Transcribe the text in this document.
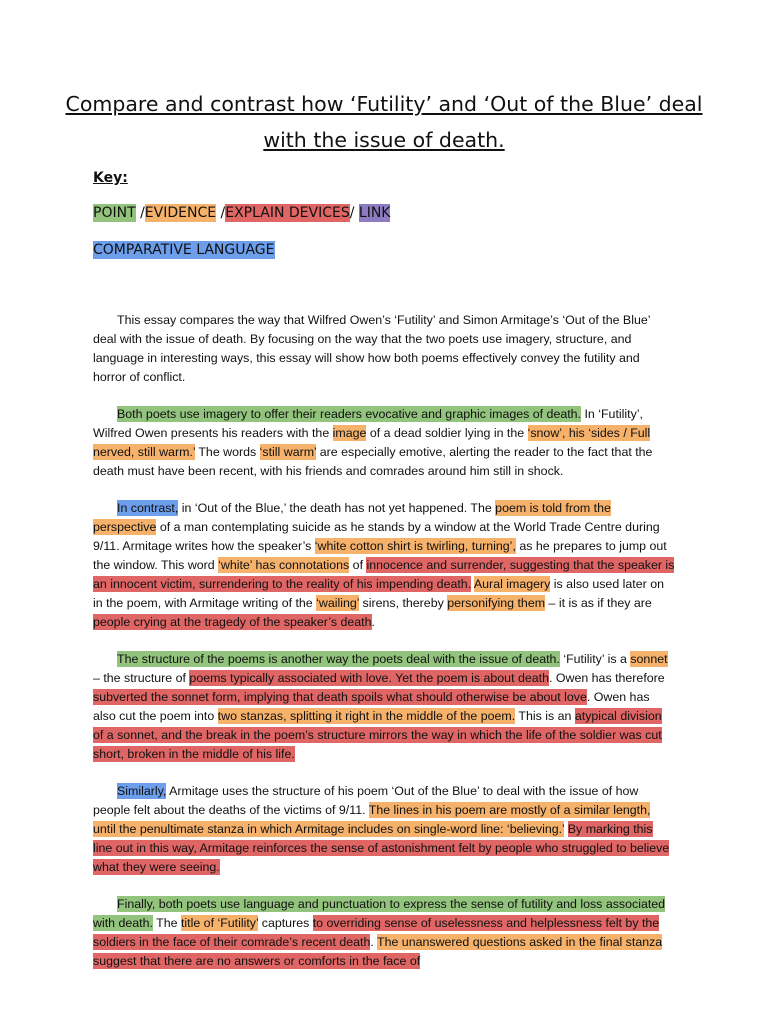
Compare and contrast how ‘Futility’ and ‘Out of the Blue’ deal with the issue of death.
Key:
POINT /EVIDENCE /EXPLAIN DEVICES/ LINK
COMPARATIVE LANGUAGE

This essay compares the way that Wilfred Owen’s ‘Futility’ and Simon Armitage’s ‘Out of the Blue’ deal with the issue of death. By focusing on the way that the two poets use imagery, structure, and language in interesting ways, this essay will show how both poems effectively convey the futility and horror of conflict.

Both poets use imagery to offer their readers evocative and graphic images of death. In ‘Futility’, Wilfred Owen presents his readers with the image of a dead soldier lying in the ‘snow’, his ‘sides / Full nerved, still warm.’ The words ‘still warm’ are especially emotive, alerting the reader to the fact that the death must have been recent, with his friends and comrades around him still in shock.

In contrast, in ‘Out of the Blue,’ the death has not yet happened. The poem is told from the perspective of a man contemplating suicide as he stands by a window at the World Trade Centre during 9/11. Armitage writes how the speaker’s ‘white cotton shirt is twirling, turning’, as he prepares to jump out the window. This word ‘white’ has connotations of innocence and surrender, suggesting that the speaker is an innocent victim, surrendering to the reality of his impending death. Aural imagery is also used later on in the poem, with Armitage writing of the ‘wailing’ sirens, thereby personifying them – it is as if they are people crying at the tragedy of the speaker’s death.

The structure of the poems is another way the poets deal with the issue of death. ‘Futility’ is a sonnet – the structure of poems typically associated with love. Yet the poem is about death. Owen has therefore subverted the sonnet form, implying that death spoils what should otherwise be about love. Owen has also cut the poem into two stanzas, splitting it right in the middle of the poem. This is an atypical division of a sonnet, and the break in the poem’s structure mirrors the way in which the life of the soldier was cut short, broken in the middle of his life.

Similarly, Armitage uses the structure of his poem ‘Out of the Blue’ to deal with the issue of how people felt about the deaths of the victims of 9/11. The lines in his poem are mostly of a similar length, until the penultimate stanza in which Armitage includes on single-word line: ‘believing.’ By marking this line out in this way, Armitage reinforces the sense of astonishment felt by people who struggled to believe what they were seeing.

Finally, both poets use language and punctuation to express the sense of futility and loss associated with death. The title of ‘Futility’ captures to overriding sense of uselessness and helplessness felt by the soldiers in the face of their comrade’s recent death. The unanswered questions asked in the final stanza suggest that there are no answers or comforts in the face of
